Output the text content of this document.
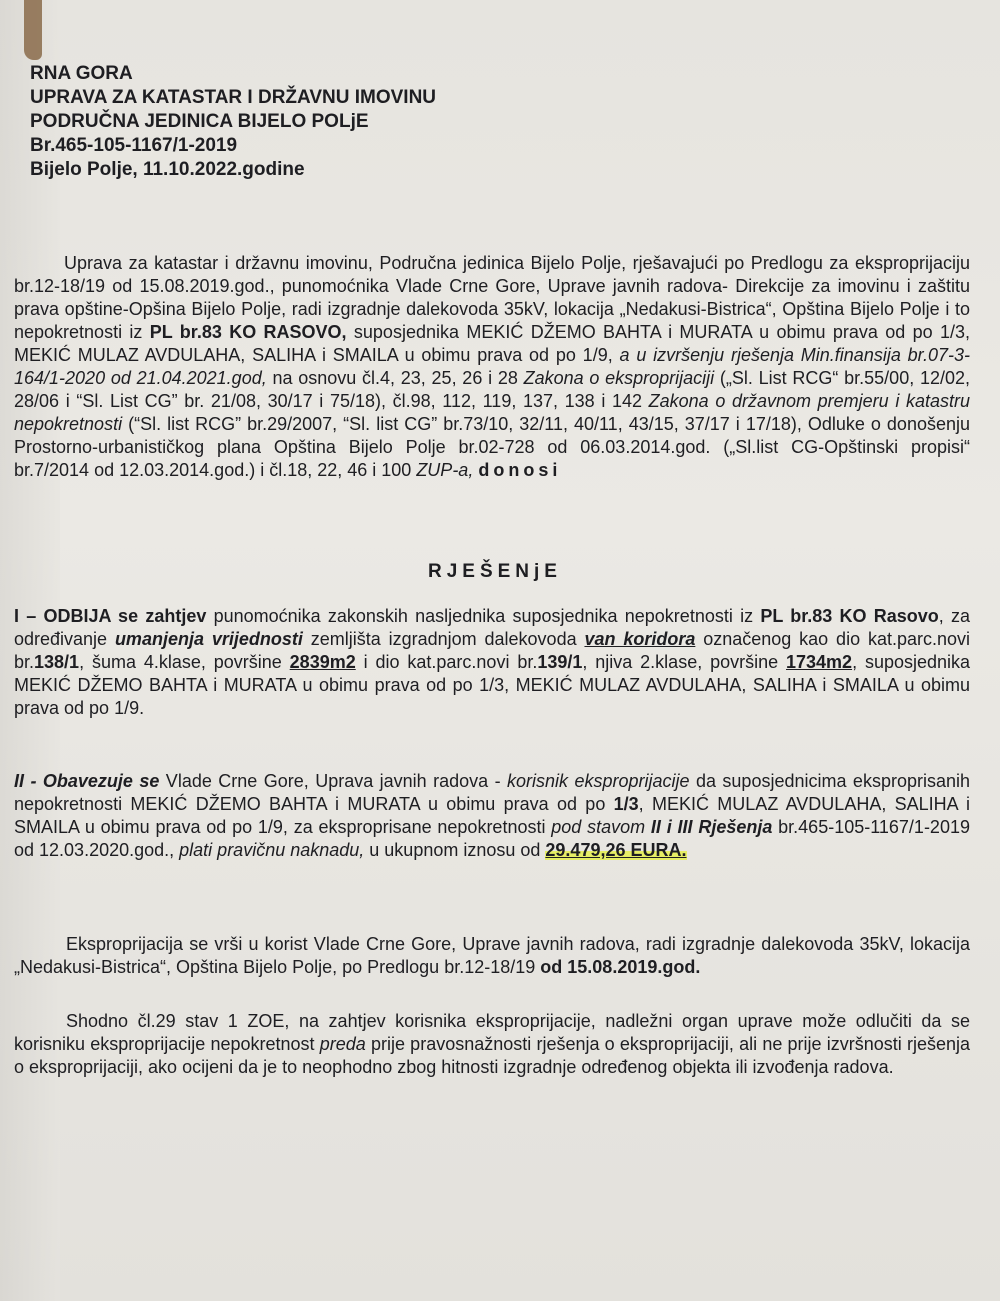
RNA GORA
UPRAVA ZA KATASTAR I DRŽAVNU IMOVINU
PODRUČNA JEDINICA BIJELO POLjE
Br.465-105-1167/1-2019
Bijelo Polje, 11.10.2022.godine
Uprava za katastar i državnu imovinu, Područna jedinica Bijelo Polje, rješavajući po Predlogu za eksproprijaciju br.12-18/19 od 15.08.2019.god., punomoćnika Vlade Crne Gore, Uprave javnih radova- Direkcije za imovinu i zaštitu prava opštine-Opšina Bijelo Polje, radi izgradnje dalekovoda 35kV, lokacija „Nedakusi-Bistrica“, Opština Bijelo Polje i to nepokretnosti iz PL br.83 KO RASOVO, suposjednika MEKIĆ DŽEMO BAHTA i MURATA u obimu prava od po 1/3, MEKIĆ MULAZ AVDULAHA, SALIHA i SMAILA u obimu prava od po 1/9, a u izvršenju rješenja Min.finansija br.07-3-164/1-2020 od 21.04.2021.god, na osnovu čl.4, 23, 25, 26 i 28 Zakona o eksproprijaciji („Sl. List RCG“ br.55/00, 12/02, 28/06 i “Sl. List CG” br. 21/08, 30/17 i 75/18), čl.98, 112, 119, 137, 138 i 142 Zakona o državnom premjeru i katastru nepokretnosti (“Sl. list RCG” br.29/2007, “Sl. list CG” br.73/10, 32/11, 40/11, 43/15, 37/17 i 17/18), Odluke o donošenju Prostorno-urbanističkog plana Opština Bijelo Polje br.02-728 od 06.03.2014.god. („Sl.list CG-Opštinski propisi“ br.7/2014 od 12.03.2014.god.) i čl.18, 22, 46 i 100 ZUP-a, donosi
RJEŠENjE
I – ODBIJA se zahtjev punomoćnika zakonskih nasljednika suposjednika nepokretnosti iz PL br.83 KO Rasovo, za određivanje umanjenja vrijednosti zemljišta izgradnjom dalekovoda van koridora označenog kao dio kat.parc.novi br.138/1, šuma 4.klase, površine 2839m2 i dio kat.parc.novi br.139/1, njiva 2.klase, površine 1734m2, suposjednika MEKIĆ DŽEMO BAHTA i MURATA u obimu prava od po 1/3, MEKIĆ MULAZ AVDULAHA, SALIHA i SMAILA u obimu prava od po 1/9.
II - Obavezuje se Vlade Crne Gore, Uprava javnih radova - korisnik eksproprijacije da suposjednicima eksproprisanih nepokretnosti MEKIĆ DŽEMO BAHTA i MURATA u obimu prava od po 1/3, MEKIĆ MULAZ AVDULAHA, SALIHA i SMAILA u obimu prava od po 1/9, za eksproprisane nepokretnosti pod stavom II i III Rješenja br.465-105-1167/1-2019 od 12.03.2020.god., plati pravičnu naknadu, u ukupnom iznosu od 29.479,26 EURA.
Eksproprijacija se vrši u korist Vlade Crne Gore, Uprave javnih radova, radi izgradnje dalekovoda 35kV, lokacija „Nedakusi-Bistrica“, Opština Bijelo Polje, po Predlogu br.12-18/19 od 15.08.2019.god.
Shodno čl.29 stav 1 ZOE, na zahtjev korisnika eksproprijacije, nadležni organ uprave može odlučiti da se korisniku eksproprijacije nepokretnost preda prije pravosnažnosti rješenja o eksproprijaciji, ali ne prije izvršnosti rješenja o eksproprijaciji, ako ocijeni da je to neophodno zbog hitnosti izgradnje određenog objekta ili izvođenja radova.
